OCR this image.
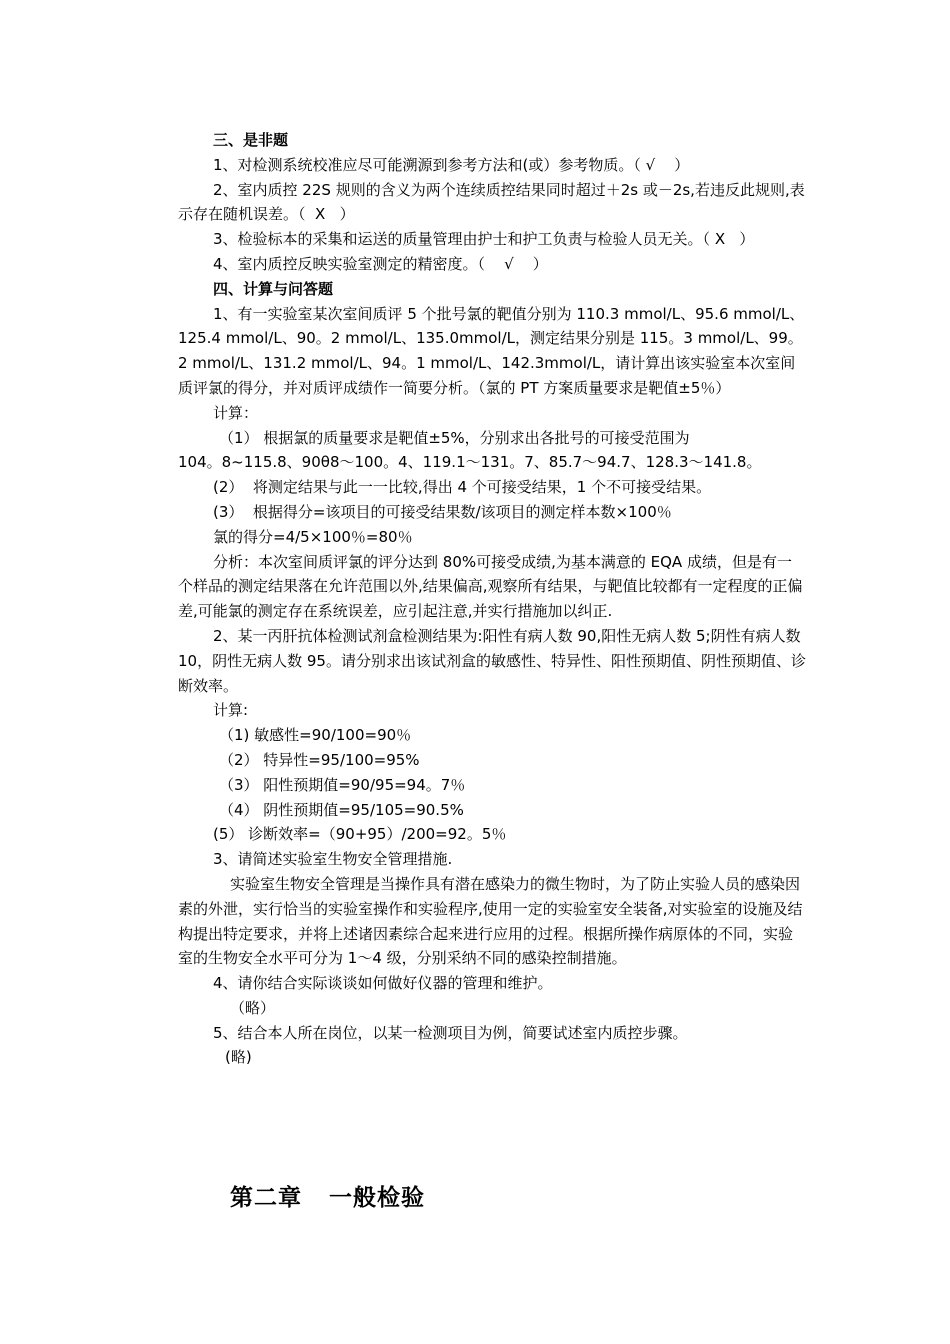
三、是非题

1、对检测系统校准应尽可能溯源到参考方法和(或）参考物质。（ √    ）

2、室内质控 22S 规则的含义为两个连续质控结果同时超过＋2s 或－2s,若违反此规则,表示存在随机误差。（  X   ）

3、检验标本的采集和运送的质量管理由护士和护工负责与检验人员无关。（ X   ）

4、室内质控反映实验室测定的精密度。（    √    ）

四、计算与问答题

1、有一实验室某次室间质评 5 个批号氯的靶值分别为 110.3 mmol/L、95.6 mmol/L、125.4 mmol/L、90。2 mmol/L、135.0mmol/L，测定结果分别是 115。3 mmol/L、99。2 mmol/L、131.2 mmol/L、94。1 mmol/L、142.3mmol/L，请计算出该实验室本次室间质评氯的得分，并对质评成绩作一简要分析。（氯的 PT 方案质量要求是靶值±5％）

计算：

（1） 根据氯的质量要求是靶值±5%，分别求出各批号的可接受范围为

104。8~115.8、90θ8～100。4、119.1～131。7、85.7～94.7、128.3～141.8。

(2）  将测定结果与此一一比较,得出 4 个可接受结果，1 个不可接受结果。

(3）  根据得分=该项目的可接受结果数/该项目的测定样本数×100％

氯的得分=4/5×100％=80％

分析：本次室间质评氯的评分达到 80%可接受成绩,为基本满意的 EQA 成绩，但是有一个样品的测定结果落在允许范围以外,结果偏高,观察所有结果，与靶值比较都有一定程度的正偏差,可能氯的测定存在系统误差，应引起注意,并实行措施加以纠正.

2、某一丙肝抗体检测试剂盒检测结果为:阳性有病人数 90,阳性无病人数 5;阴性有病人数 10，阴性无病人数 95。请分别求出该试剂盒的敏感性、特异性、阳性预期值、阴性预期值、诊断效率。

计算:

（1) 敏感性=90/100=90％

（2） 特异性=95/100=95%

（3） 阳性预期值=90/95=94。7％

（4） 阴性预期值=95/105=90.5%

(5） 诊断效率=（90+95）/200=92。5％

3、请简述实验室生物安全管理措施.

实验室生物安全管理是当操作具有潜在感染力的微生物时，为了防止实验人员的感染因素的外泄，实行恰当的实验室操作和实验程序,使用一定的实验室安全装备,对实验室的设施及结构提出特定要求，并将上述诸因素综合起来进行应用的过程。根据所操作病原体的不同，实验室的生物安全水平可分为 1～4 级，分别采纳不同的感染控制措施。

4、请你结合实际谈谈如何做好仪器的管理和维护。

（略）

5、结合本人所在岗位，以某一检测项目为例，简要试述室内质控步骤。

(略)

第二章   一般检验
